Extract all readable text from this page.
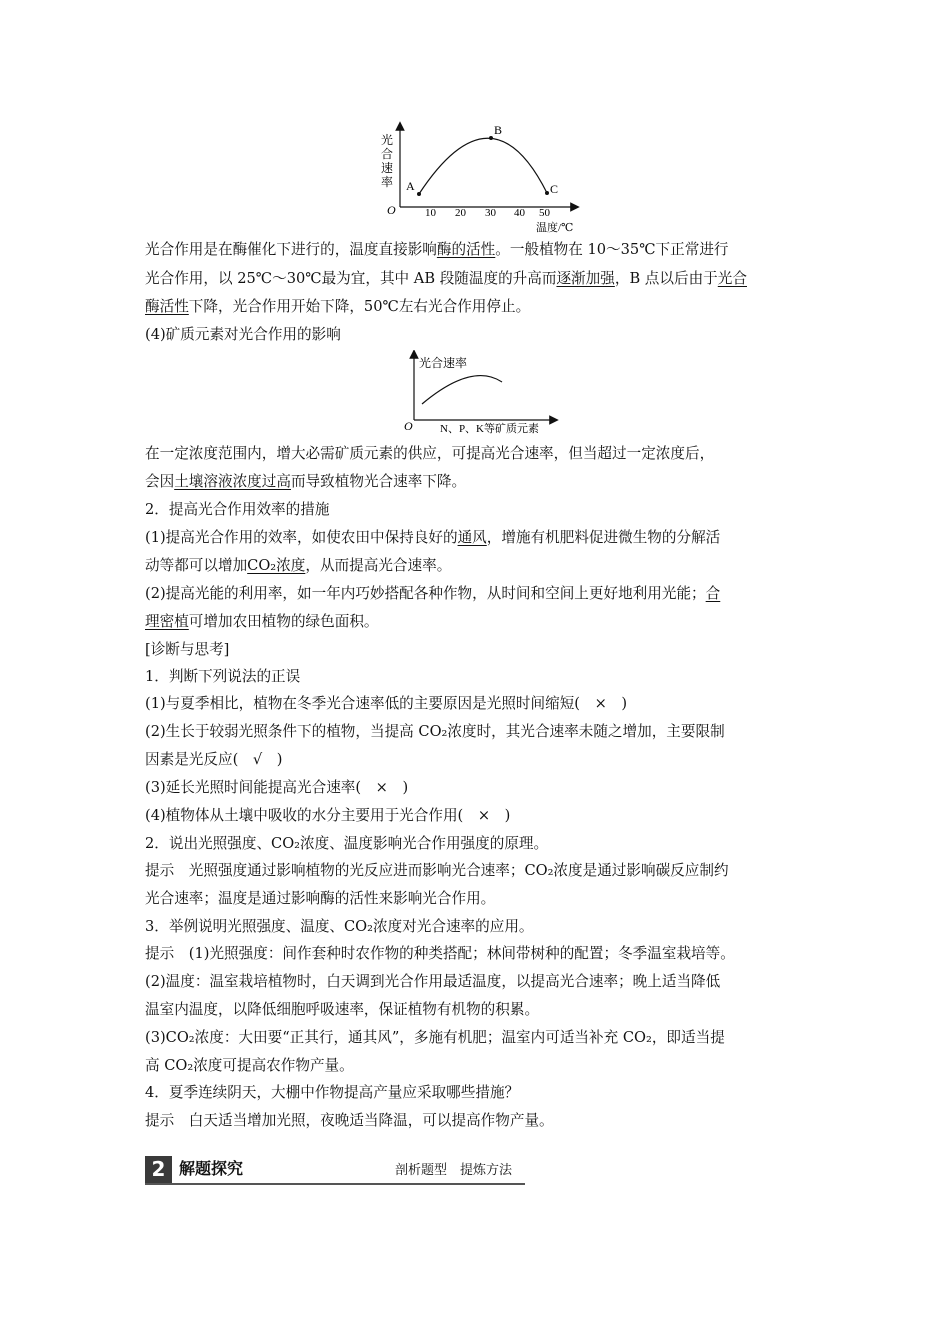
光
合
速
率
O
A
B
C
10 20 30 40 50
温度/℃
光合作用是在酶催化下进行的，温度直接影响酶的活性。一般植物在 10～35℃下正常进行
光合作用，以 25℃～30℃最为宜，其中 AB 段随温度的升高而逐渐加强，B 点以后由于光合
酶活性下降，光合作用开始下降，50℃左右光合作用停止。
(4)矿质元素对光合作用的影响
光合速率
O N、P、K等矿质元素
在一定浓度范围内，增大必需矿质元素的供应，可提高光合速率，但当超过一定浓度后，
会因土壤溶液浓度过高而导致植物光合速率下降。
2．提高光合作用效率的措施
(1)提高光合作用的效率，如使农田中保持良好的通风，增施有机肥料促进微生物的分解活
动等都可以增加CO₂浓度，从而提高光合速率。
(2)提高光能的利用率，如一年内巧妙搭配各种作物，从时间和空间上更好地利用光能；合
理密植可增加农田植物的绿色面积。
[诊断与思考]
1．判断下列说法的正误
(1)与夏季相比，植物在冬季光合速率低的主要原因是光照时间缩短(　×　)
(2)生长于较弱光照条件下的植物，当提高 CO₂浓度时，其光合速率未随之增加，主要限制
因素是光反应(　√　)
(3)延长光照时间能提高光合速率(　×　)
(4)植物体从土壤中吸收的水分主要用于光合作用(　×　)
2．说出光照强度、CO₂浓度、温度影响光合作用强度的原理。
提示　光照强度通过影响植物的光反应进而影响光合速率；CO₂浓度是通过影响碳反应制约
光合速率；温度是通过影响酶的活性来影响光合作用。
3．举例说明光照强度、温度、CO₂浓度对光合速率的应用。
提示　(1)光照强度：间作套种时农作物的种类搭配；林间带树种的配置；冬季温室栽培等。
(2)温度：温室栽培植物时，白天调到光合作用最适温度，以提高光合速率；晚上适当降低
温室内温度，以降低细胞呼吸速率，保证植物有机物的积累。
(3)CO₂浓度：大田要“正其行，通其风”，多施有机肥；温室内可适当补充 CO₂，即适当提
高 CO₂浓度可提高农作物产量。
4．夏季连续阴天，大棚中作物提高产量应采取哪些措施？
提示　白天适当增加光照，夜晚适当降温，可以提高作物产量。
2 解题探究	剖析题型　提炼方法
